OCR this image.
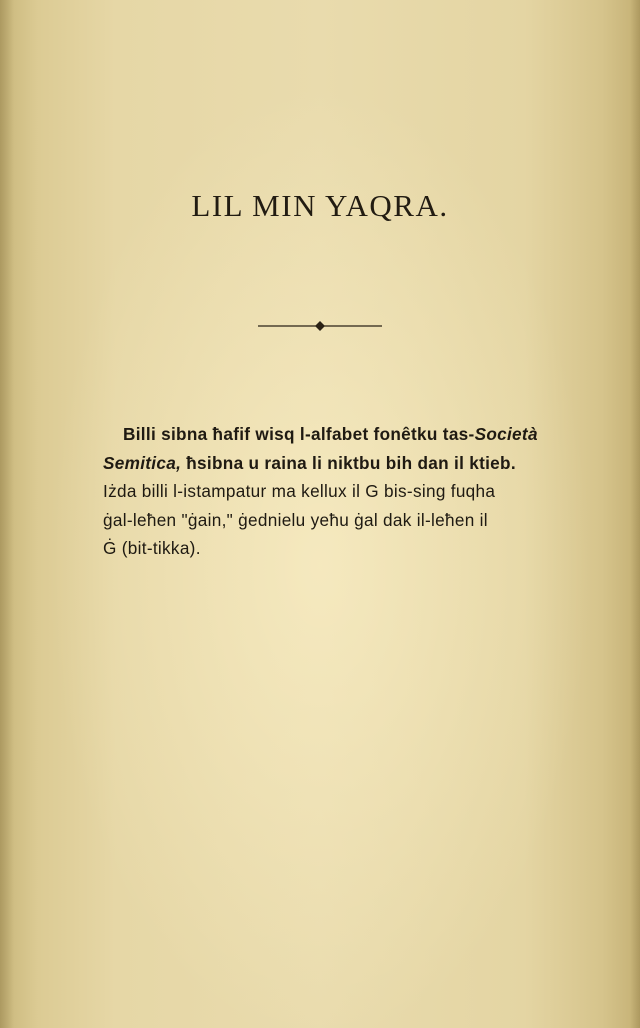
LIL MIN YAQRA.
Billi sibna ħafif wisq l-alfabet fonêtku tas-Società
Semitica, ħsibna u raina li niktbu bih dan il ktieb.
Iżda billi l-istampatur ma kellux il G bis-sing fuqha
ġal-leħen "ġain," ġednielu yeħu ġal dak il-leħen il
Ġ (bit-tikka).
